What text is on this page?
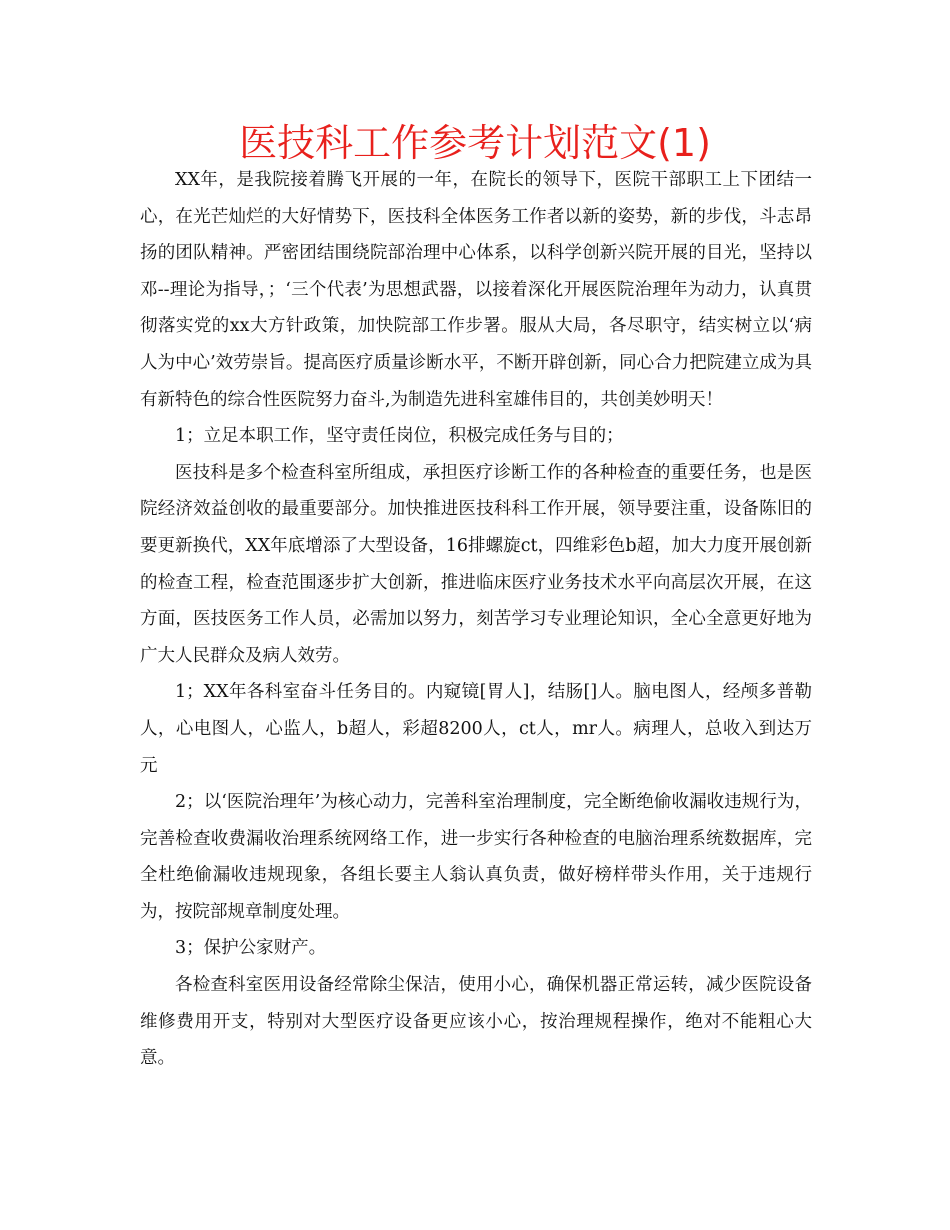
医技科工作参考计划范文(1)

XX年，是我院接着腾飞开展的一年，在院长的领导下，医院干部职工上下团结一心，在光芒灿烂的大好情势下，医技科全体医务工作者以新的姿势，新的步伐，斗志昂扬的团队精神。严密团结围绕院部治理中心体系，以科学创新兴院开展的目光，坚持以邓--理论为指导，；‘三个代表’为思想武器，以接着深化开展医院治理年为动力，认真贯彻落实党的xx大方针政策，加快院部工作步署。服从大局，各尽职守，结实树立以‘病人为中心’效劳崇旨。提高医疗质量诊断水平，不断开辟创新，同心合力把院建立成为具有新特色的综合性医院努力奋斗,为制造先进科室雄伟目的，共创美妙明天！

1；立足本职工作，坚守责任岗位，积极完成任务与目的；

医技科是多个检查科室所组成，承担医疗诊断工作的各种检查的重要任务，也是医院经济效益创收的最重要部分。加快推进医技科科工作开展，领导要注重，设备陈旧的要更新换代，XX年底增添了大型设备，16排螺旋ct，四维彩色b超，加大力度开展创新的检查工程，检查范围逐步扩大创新，推进临床医疗业务技术水平向高层次开展，在这方面，医技医务工作人员，必需加以努力，刻苦学习专业理论知识，全心全意更好地为广大人民群众及病人效劳。

1；XX年各科室奋斗任务目的。内窥镜[胃人]，结肠[]人。脑电图人，经颅多普勒人，心电图人，心监人，b超人，彩超8200人，ct人，mr人。病理人，总收入到达万元

2；以‘医院治理年’为核心动力，完善科室治理制度，完全断绝偷收漏收违规行为，完善检查收费漏收治理系统网络工作，进一步实行各种检查的电脑治理系统数据库，完全杜绝偷漏收违规现象，各组长要主人翁认真负责，做好榜样带头作用，关于违规行为，按院部规章制度处理。

3；保护公家财产。

各检查科室医用设备经常除尘保洁，使用小心，确保机器正常运转，减少医院设备维修费用开支，特别对大型医疗设备更应该小心，按治理规程操作，绝对不能粗心大意。
